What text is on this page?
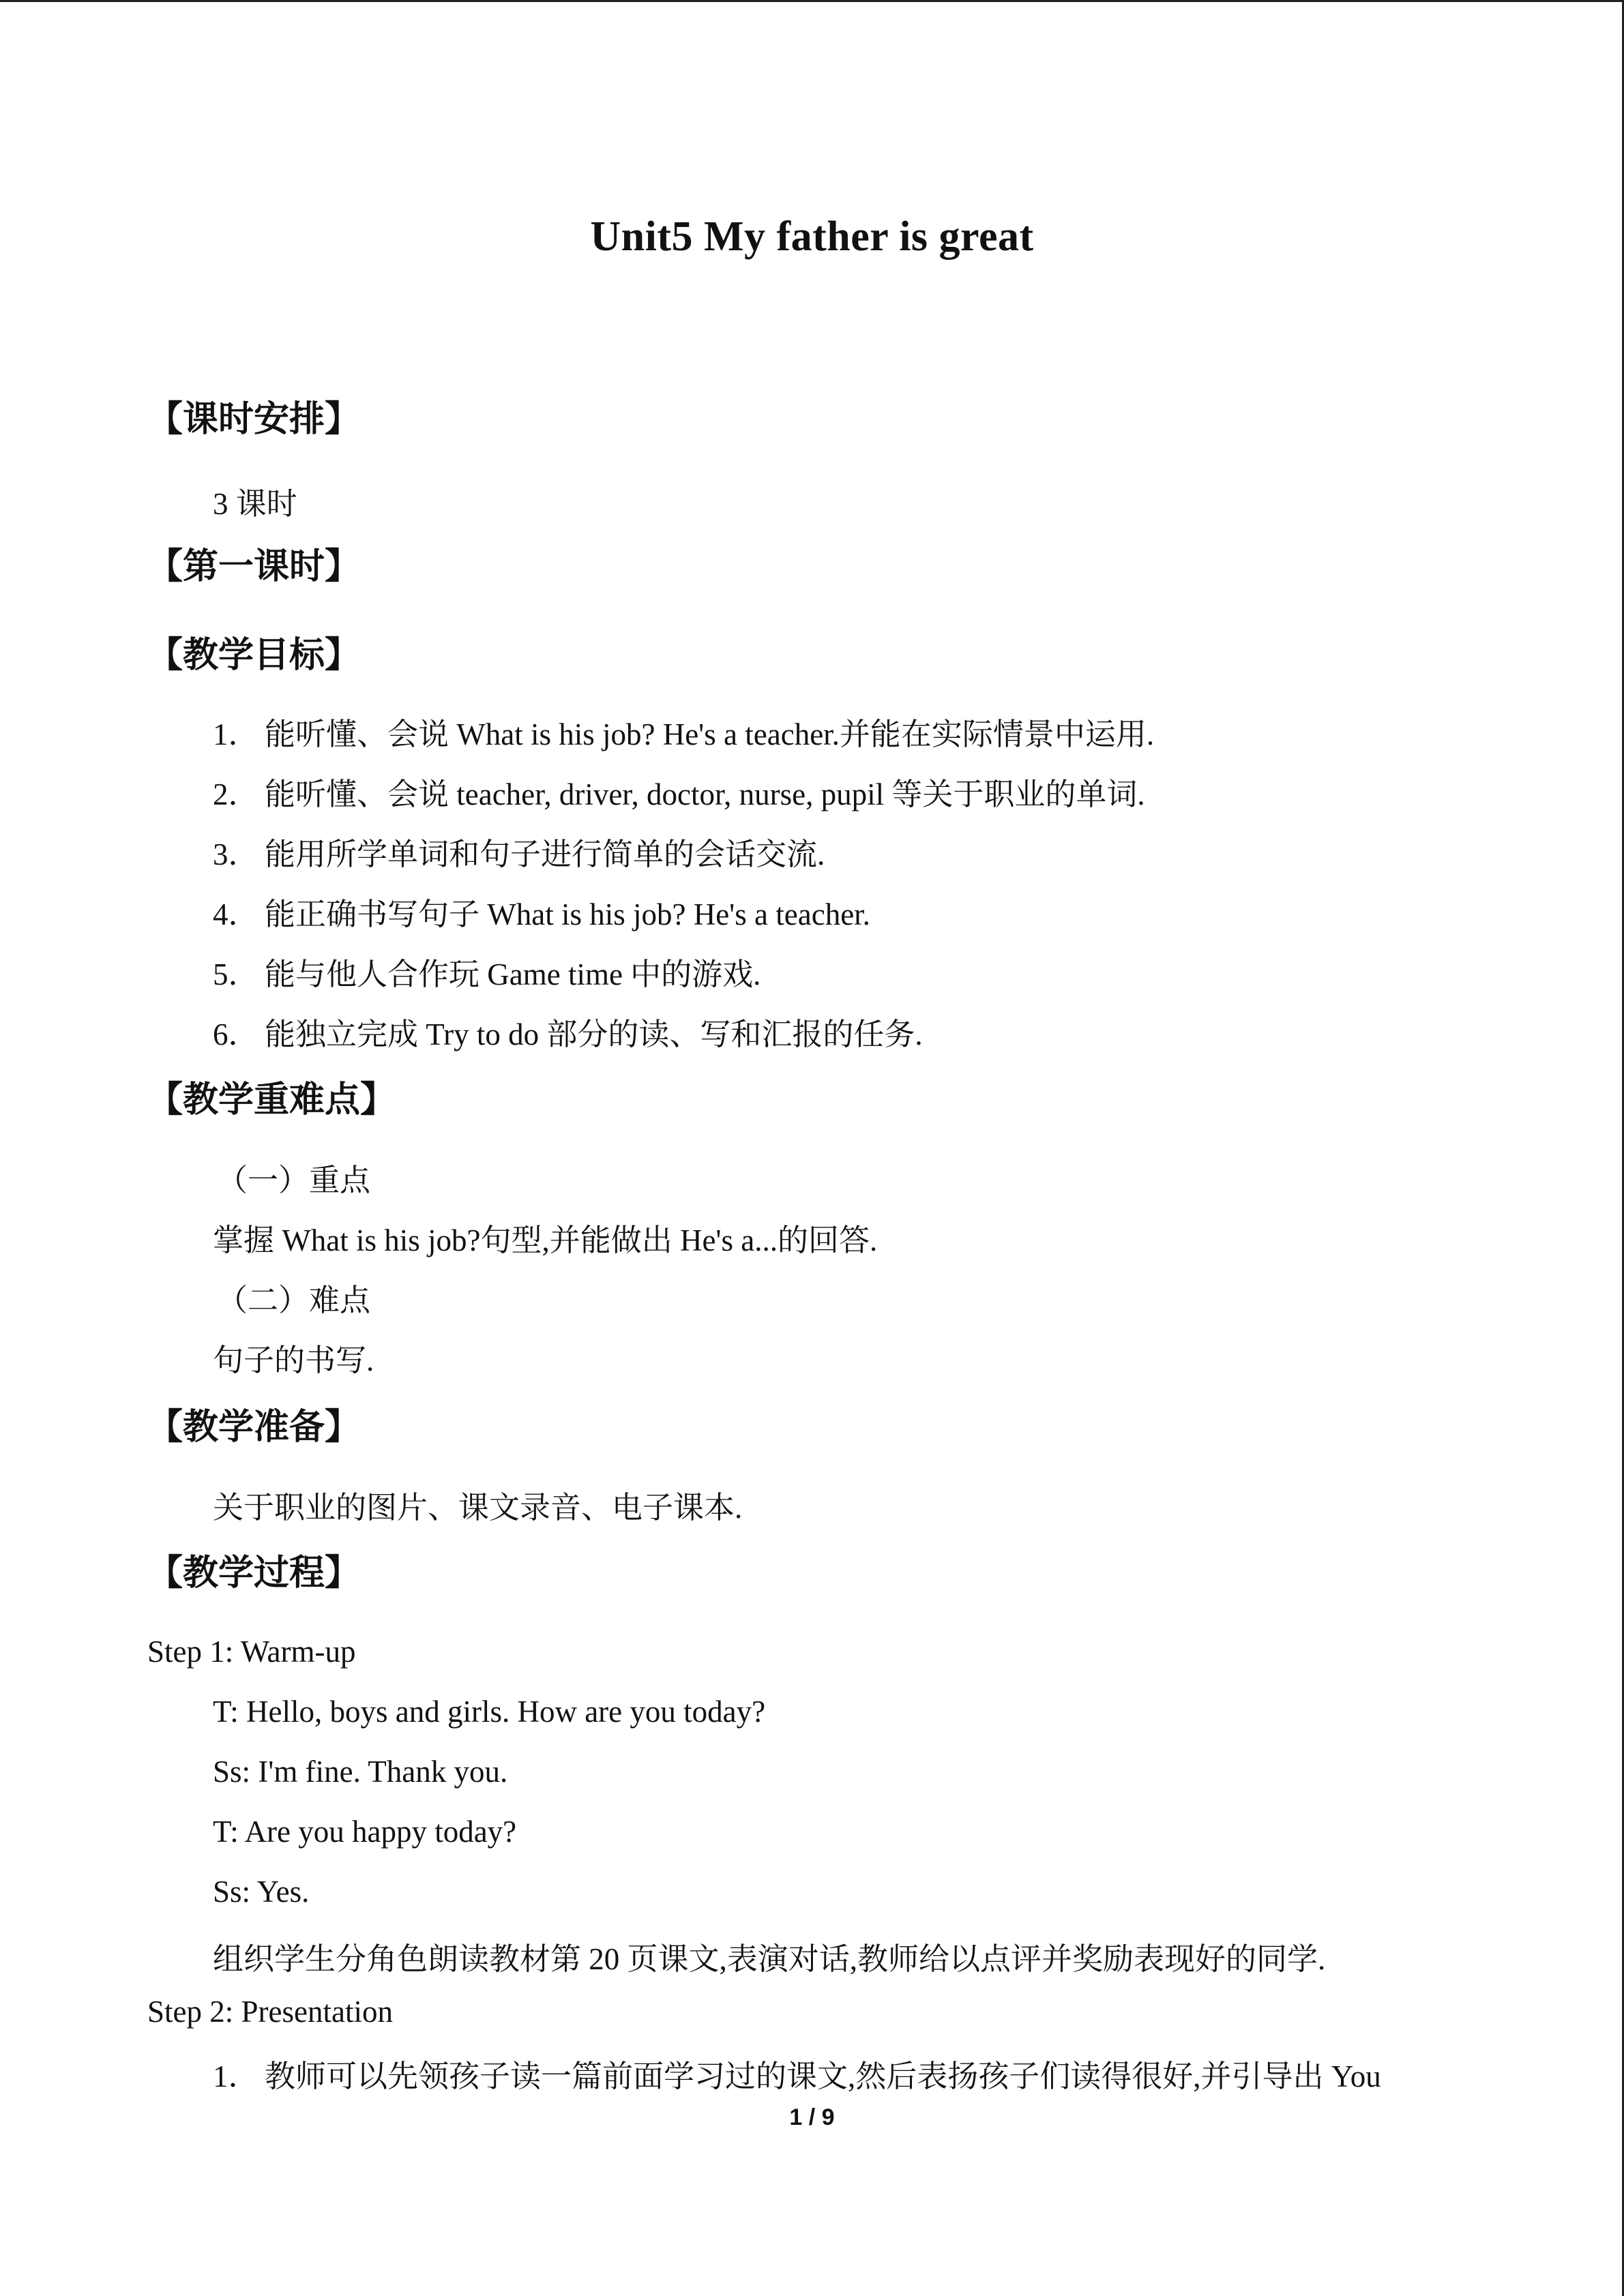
Unit5 My father is great
【课时安排】
3 课时
【第一课时】
【教学目标】
1． 能听懂、会说 What is his job? He's a teacher.并能在实际情景中运用.
2． 能听懂、会说 teacher, driver, doctor, nurse, pupil 等关于职业的单词.
3． 能用所学单词和句子进行简单的会话交流.
4． 能正确书写句子 What is his job? He's a teacher.
5． 能与他人合作玩 Game time 中的游戏.
6． 能独立完成 Try to do 部分的读、写和汇报的任务.
【教学重难点】
（一）重点
掌握 What is his job?句型,并能做出 He's a...的回答.
（二）难点
句子的书写.
【教学准备】
关于职业的图片、课文录音、电子课本.
【教学过程】
Step 1: Warm-up
T: Hello, boys and girls. How are you today?
Ss: I'm fine. Thank you.
T: Are you happy today?
Ss: Yes.
组织学生分角色朗读教材第 20 页课文,表演对话,教师给以点评并奖励表现好的同学.
Step 2: Presentation
1． 教师可以先领孩子读一篇前面学习过的课文,然后表扬孩子们读得很好,并引导出 You
1 / 9
